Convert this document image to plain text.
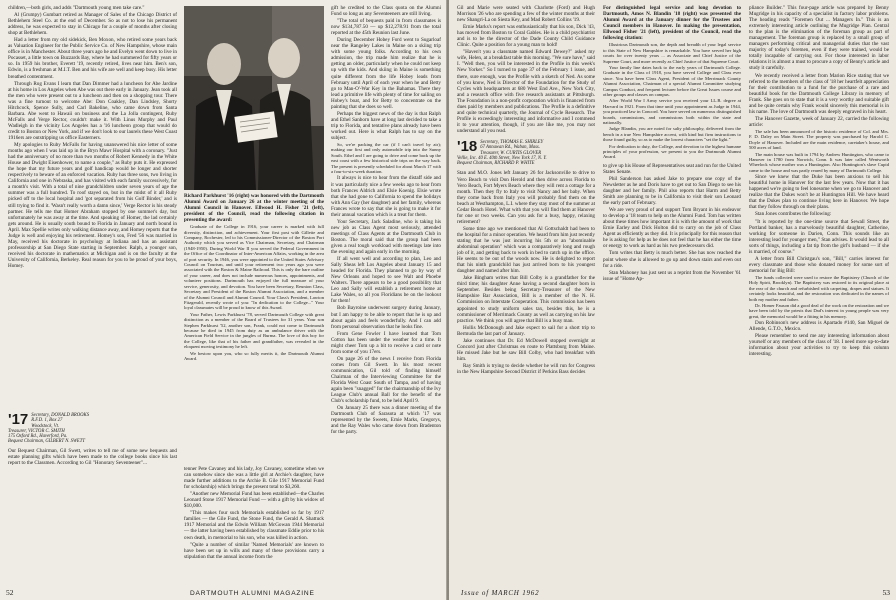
children,—both girls, and adds "Dartmouth young men take care."

Al (Grumpy) Gumbart retired as Manager of Sales of the Chicago District of Bethlehem Steel Co. at the end of December. So as not to lose his permanent address, he was expected to stay in Chicago for a couple of months after closing shop at Bethlehem.

Had a letter from my old sidekick, Ben Moxon, who retired some years back as Valuation Engineer for the Public Service Co. of New Hampshire, whose main office is in Manchester. About three years ago he and Evelyn went down to live in Pocasset, a little town on Buzzards Bay, where he had summered for fifty years or so. In 1959 his brother, Everett '19, recently retired, lives near him. Ben's son, Edwin, is a freshman at M.I.T. Ben and his wife are well and keep busy. His letter breathed contentment.

Through Rog Evans I learn that Dan Dimmer had a luncheon for Abe Jardine at his home in Los Angeles when Abe was out there early in January. Jean took all the men who were present out to a luncheon and then on a shopping tour. There was a fine turnout to welcome Abe: Don Coakley, Dan Lindsley, Shorty Hitchcock, Spence Sully, and Carl Bakeline, who came down from Santa Barbara. Abe went to Hawaii on business and the La Jolla contingent, Ruby McFalls and Verge Rector, couldn't make it. With Linus Murphy and Paul Wadleigh in the vicinity Los Angeles has a '16 luncheon group that would do credit to Boston or New York, and if we don't look to our laurels these West Coast 1916ers are outstripping us office Easterners.

My apologies to Ruby McFalls for having unanswered his nice letter of some months ago when I was laid up in the Bryn Mawr Hospital with a coronary. "Just had the anniversary of no more than two months of Robert Kennedy in the White House and Dwight Eisenhower, to name a couple," as Ruby puts it. He expressed the hope that my future years and golf handicap would be longer and shorter respectively to beware of an enforced vacation. Ruby has three sons, two living in California and one in Nebraska, and has visited with each family successively, for a month's visit. With a total of nine grandchildren under seven years of age the summer was a full hundred. To roof stayed on, but in the midst of it all Ruby picked off to the local hospital and 'got separated from his Golf Binder,' and is still trying to find it. 'Wasn't really worth a damn since,' Verge Rector is his steady partner. He tells me that Homer Abraham stopped by one summer's day, but unfortunately he was away at the time. And speaking of Homer, the lad certainly gets around. He is usually south bound to Florida in January and north bound in April. Max Spellie writes only walking distance away, and Homey reports that the Judge is well and enjoying his retirement. Homey's son, Fred '56 was married in May, received his doctorate in psychology at Indiana and has an assistant professorship at San Diego State starting in September. Ralph, a younger son, received his doctorate in mathematics at Michigan and is on the faculty at the University of California, Berkeley. Real reason for you to be proud of your boys, Homey.

'17 Secretary, DONALD BROOKS
R.F.D. 1, Box 27
Woodstock, Vt.
Treasurer, VICTOR C. SMITH
175 Oxford Rd., Haverford, Pa.
Bequest Chairman, GILBERT N. SWETT

Our Bequest Chairman, Gil Swett, writes to tell me of some new bequests and estate planning gifts which have been made to the college books since his last report to the Classmen. According to Gil "Honorary Seventeener"...

Richard Parkhurst '16 (right) was honored with the Dartmouth Alumni Award on January 26 at the winter meeting of the Alumni Council in Hanover. Ellwood H. Fisher '21 (left), president of the Council, read the following citation in presenting the award:

Graduate of the College in 1916, your career is marked with full diversity, distinction, and achievement. Your first post with Gillette and Company, Rochester, led to his Commissioner-Director of the Boston Port Authority which you served as Vice Chairman, Secretary, and Chairman (1948-1950). During World War II you served the Federal Government in the Office of the Coordinator of Inter-American Affairs, working in the area of port security. In 1946, you were appointed to the United States Advisory Council on Tourism, and until your retirement two years ago you were associated with the Boston & Maine Railroad. This is only the bare outline of your career, and does not include numerous honors, appointments, and volunteer positions. Dartmouth has enjoyed the full measure of your service, generosity, and devotion. You have been Secretary, Reunion Class, Secretary and President of the Boston Alumni Association, and a member of the Alumni Council and Alumni Council. Your Class's President, Lawton Fitzgerald, recently wrote of you: "In dedication to the College..." Your loyal classmates will be proud to know of this Award.

Your Father, Lewis Parkhurst '78, served Dartmouth College with great distinction as a member of the Board of Trustees for 31 years. Your son Stephen Parkhurst '52, another son, Frank, could not come to Dartmouth because he died in 1945 from duty as an ambulance driver with the American Field Service in the jungles of Burma. The love of this boy for the College, like that of his father and grandfather, was revealed in the eloquent moving testimony he left.

We bestow upon you, who so fully merits it, the Dartmouth Alumni Award.

tenner Pete Cavaney and his lady, Joy Cavaney, sometime when we can somehow since she was a little girl at Archie's daughter, have made further additions to the Archie B. Gile 1917 Memorial Fund for scholarship) which brings the present total to $3,260.

"Another new Memorial Fund has been established—the Charles Leonard Stone 1917 Memorial Fund — with a gift by his widow of $10,000.

"This makes four such Memorials established so far by 1917 families — the Gile Fund, the Stone Fund, the Gerald A. Shattuck 1917 Memorial and the Edwin William McGowan 1944 Memorial — the latter having been established by classmate Eddie prior to his own death, in memorial to his son, who was killed in action.

"Quite a number of similar 'Named Memorials' are known to have been set up in wills and many of these provisions carry a stipulation that the annual income from the

gift he credited to the Class quota on the Alumni Fund so long as any Seventeeners are still living.

"The total of bequests paid in from classmates is now $134,787.50 — up $12,278.91 from the total reported at the 45th Reunion last June.

During December Hobey Ford went to Sugarloaf near the Rangeley Lakes in Maine on a skiing trip with some young folks. According to his own admission, the trip made him realize that he is getting an older, particularly when he could not keep up with the kids. And skiing in Maine is something quite different from the life Hobey leads from February until April of each year when he and Betty go to Man-O'-War Key in the Bahamas. There they lead a primitive life with plenty of time for sailing on Hobey's boat, and for Betty to concentrate on the painting that she does so well.

Perhaps the biggest news of the day is that Ralph and Ethel Sanborn have at long last decided to take a trip to Florida, and tentative plans already have been worked out. Here is what Ralph has to say on the subject.

So, we're packing the car (if I can't travel by air); making our first and only automobile trip into the Sunny South. Ethel and I are going to drive and come back up the east coast with a few historical side trips on the way back. The present is presently scheduled for about March 17 with a four-to-six-week duration.

It always is nice to hear from the distaff side and it was particularly nice a few weeks ago to hear from both Frances Aldrich and Elsie Koenig. Elsie wrote that she had gone to California to spend the holidays with Ann Gay (her daughter) and her family, whereas Frances wrote to say that she is going to make it for their annual vacation which is a treat for them.

Your Secretary, Jack Saladine, who is taking his new job as Class Agent most seriously, attended meetings of Class Agents at the Dartmouth Club in Boston. The moral said that the group had been given a real tough workload with meetings late into the evening and again early in the morning.

If all went well and according to plan, Leo and Sally Sheas left Los Angeles about January 15 and headed for Florida. They planned to go by way of New Orleans and hoped to see Walt and Phoebe Walters. There appears to be a good possibility that Leo and Sally will establish a retirement home at Lake Wales, so all you Floridians be on the lookout for them!

Bob Bayroine underwent surgery during January, but I am happy to be able to report that he is up and about again and feels wonderfully. And I can add from personal observation that he looks fine.

From Gene Fowler I have learned that Tom Cotton has been under the weather for a time. It might cheer Tom up a bit to receive a card or note from some of you 17ers.

On page 26 of the news I receive from Florida comes from Gil Swett. In his most recent communication, Gil told of finding himself Chairman of the Interviewing Committee for the Florida West Coast South of Tampa, and of having again been "snagged" for the chairmanship of the Ivy League Club's annual Ball for the benefit of the Club's scholarship fund, to be held April 9.

On January 25 there was a dinner meeting of the Dartmouth Club of Sarasota at which '17 was represented by the Sweets, Ernie Marks, Gregorys, and the Ray Wales who came down from Bradenton for the party.

52	DARTMOUTH ALUMNI MAGAZINE

Gil and Marie were seated with Charlotte (Ford) and Hugh Morrison '26 who are spending a few of the winter months at their new Shangri-La on Siesta Key, and Mad Robert Collins '19.

Ernie Marks's report was enthusiastically that his son, Dick '43, has moved from Boston to Coral Gables. He is a child psychiatrist and is to be the director of the Dade County Child Guidance Clinic. Quite a position for a young man to hold!

"Haven't you a classmate named Edward Dewey?" asked my wife, Helen, at a breakfast table this morning. "We sure have," said I. "Well then, you will be interested in the Profile in this week's New Yorker." So I turned to page 37 of the February 1 issue, and there, sure enough, was the Profile with a sketch of Ned. As some of you know, Ned is Director of the Foundation for the Study of Cycles with headquarters at 680 West End Ave., New York City, and a research office with five research assistants at Pittsburgh. The Foundation is a non-profit corporation which is financed from dues paid by members and publications. The Profile is a definitive and quite technical quarterly, the Journal of Cycle Research. The Profile is exceedingly interesting and informative and I commend it to your attention, though, if you are like me, you may not understand all you read.

'18 Secretary, THOMAS E. SHIRLEY
67 Annawan Rd., Waban, Mass.
Treasurer, W. CURTIS GLOVER
Vellie, Inc. 40 E. 40th Street, New York 17, N. Y.
Bequest Chairman, RICHARD P. WHITE

Stan and M.O. Jones left January 26 for Jacksonville to drive to Vero Beach to visit Don Herold and then drive across Florida to Vero Beach, Fort Myers Beach where they will rent a cottage for a month. Then they fly to Italy to visit Nancy and her baby. When they come back from Italy you will probably find them on the beach at Westhampton, L.I. where they stay most of the summer at Cedar Beach Hotel. What with that you will find them at Hanover for one or two weeks. Can you ask for a busy, happy, relaxing retirement?

Some time ago we mentioned that Al Gottschaldt had been to the hospital for a minor operation. We heard from him just recently stating that he was just incurring his 5th or an "abominable abdominal operation" which was a comparatively long and rough job of it, and getting back to work in bed to catch up in the office. He seems to be out of the woods now. He is delighted to report that his ninth grandchild has just arrived born to his youngest daughter and named after him.

Jake Bingham writes that Bill Colby is a grandfather for the third time; his daughter Anne having a second daughter born in September. Besides being Secretary-Treasurer of the New Hampshire Bar Association, Bill is a member of the N. H. Commission on Interstate Cooperation. This commission has been appointed to study uniform sales tax, besides this, he is a commissioner of Merrimack County as well as carrying on his law practice. We think you will agree that Bill is a busy man.

Hollis McDonough and Jake expect to sail for a short trip to Bermuda the last part of January.

Jake continues that Dr. Ed McDowell stopped overnight at Concord just after Christmas en route to Plattsburg from Maine. He missed Jake but he saw Bill Colby, who had breakfast with him.

Ray Smith is trying to decide whether he will run for Congress in the New Hampshire Second District if Perkins Bass decides

For distinguished legal service and long devotion to Dartmouth, Amos N. Blandin '18 (right) was presented the Alumni Award at the January dinner for the Trustees and Council members in Hanover. In making the presentation, Ellwood Fisher '21 (left), president of the Council, read the following citation:

Illustrious Dartmouth son, the depth and breadth of your legal service to this State of New Hampshire is remarkable. You have served her high courts for over twenty years ... as Associate and Chief Justice of the Supreme Court, and more recently as Chief Justice of that Supreme Court.

Your family line dates back to the early years of Dartmouth College. Graduate in the Class of 1918, you have served College and Class ever since. You have been Class Agent, President of the Merrimack County Alumni Association, Chairman of a special Alumni Committee studying Campus Conduct, and frequent lecturer before the Great Issues course and other groups and classes on campus.

After World War I Army service you received your LL.B. degree at Harvard in 1921. From that time until your appointment as Judge in 1944, you practiced law in Concord. You have served on numerous distinguished boards, commissions, and commissions both within the state and nationally.

Judge Blandin, you are noted for salty philosophy, delivered from the bench in a true New Hampshire accent, with kind but firm instructions to those found guilty, so as to make the lowest characters "set the light."

For dedication to duty, the College, and devotion to the highest humane principles of your profession, we present to you the Dartmouth Alumni Award.

to give up his House of Representatives seat and run for the United States Senate.

Phil Sanderson has asked Jake to prepare one copy of the Newsletter as he and Doris have to get out to San Diego to see his daughter and her family. Phil also reports that Harm and Betty Smith are planning to be in California to visit their son Leonard the early part of February.

We are very proud of and support Tom Bryant in his endeavor to develop a '18 team to help on the Alumni Fund. Tom has written about these times how important it is with the amount of work that Ernie Earley and Dick Holton did to carry on the job of Class Agent as efficiently as they did. It is principally for this reason that he is asking for help as he does not feel that he has either the time or energy to work as hard as his two predecessors did.

Tom writes that Betty is much better. She has now reached the point where she is allowed to go up and down stairs and even out for a ride.

Stan Mahoney has just sent us a reprint from the November '61 issue of "Home Ap-

pliance Builder." This four-page article was prepared by Benny Mugridge in his capacity of a specialist in factory labor problems. The heading reads "Foremen Out ... Managers In." This is an extremely interesting article outlining the Mugridge Plan. Central to the plan is the elimination of the foreman group as part of management. The foreman group is replaced by a small group of managers performing critical and managerial duties that the vast majority of today's foremen, even if they were trained, would be totally incapable of carrying out. For those interested in labor relations it is almost a must to procure a copy of Benny's article and study it carefully.

We recently received a letter from Marion Rice stating that we referred to the members of the class of '18 her heartfelt appreciation for their contribution to a fund for the purchase of a rare and beautiful book for the Dartmouth College Library in memory of Frank. She goes on to state that it is a very worthy and suitable gift and be quite certain why Frank would sincerely this memorial is in his name. The love of Dartmouth was deeply engraved in his heart.

The Hanover Gazette, week of January 22, carried the following article:

The sale has been announced of the historic residence of Col. and Mrs. F. D. Daley on Main Street. The property was purchased by Harold C. Doyle of Hanover. Included are the main residence, caretaker's house, and 500 acres of land.

The main house was built in 1794 by Andrew Huntington, who came to Hanover in 1780 from Norwich, Conn. It was later called Wentworth Wheelock whose mother was a Huntington. Also Huntington's slave Cupid came to the house and was partly reared by many of Dartmouth College.

Since we knew that the Duke has been anxious to sell his beautiful home in Hanover for the last few years. Now that it has happened we're going to feel lonesome when we go to Hanover and realize that the Dukes won't be at Huntington Hill. We have heard that the Dukes plan to continue living here in Hanover. We hope that they follow through on their plans.

Stan Jones contributes the following:

"It is reported by the one-time source that Sewall Street, the Portland banker, has a marvelously beautiful daughter, Catherine, working for someone in Darien, Conn. This sounds like an interesting lead for younger men," Stan advises. It would lead to all sorts of things, including a fat tip from the girl's husband — if she is married, of course."

A letter from Bill Christgau's son, "Bill," carries interest for every classmate and those who donated money for some sort of memorial for Big Bill:

The funds collected were used to restore the Baptistery (Church of the Holy Spirit, Brooklyn). The Baptistery was restored to its original place at the rear of the church and refurbished with carpeting, drapes and statues. It certainly looks beautiful, and the restoration was dedicated in the names of both my mother and father.

Dr. Homer Fauson did a good deal of the work on the restoration and we have been told by the priests that Dad's interest in young people was very great, the memorial would be a fitting in his memory.

Don Robinson's new address is Apartado #140, San Miguel de Allende, G.T.O., Mexico.

Please remember to send me any interesting information about yourself or any members of the class of '18. I need more up-to-date information about your activities to try to keep this column interesting.

Issue of MARCH 1962	53
